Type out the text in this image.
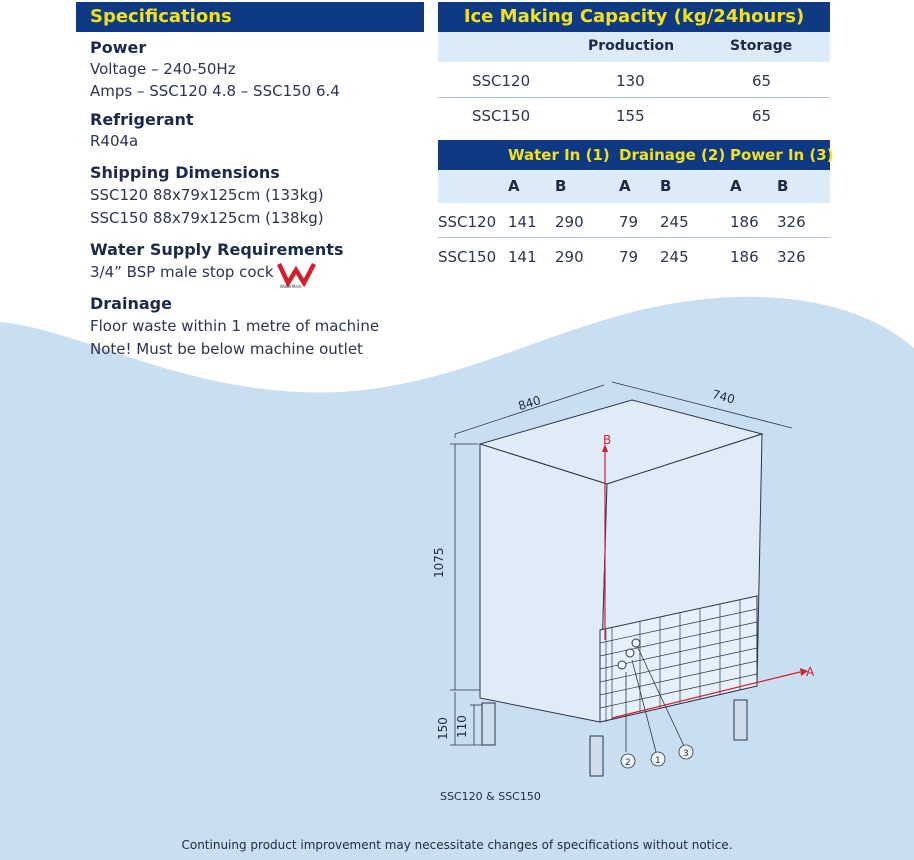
Specifications
Power
Voltage – 240-50Hz
Amps – SSC120 4.8 – SSC150 6.4
Refrigerant
R404a
Shipping Dimensions
SSC120 88x79x125cm (133kg)
SSC150 88x79x125cm (138kg)
Water Supply Requirements
3/4” BSP male stop cock
WaterMark
Drainage
Floor waste within 1 metre of machine
Note! Must be below machine outlet
Ice Making Capacity (kg/24hours)
Production	Storage
SSC120	130	65
SSC150	155	65
Water In (1) Drainage (2) Power In (3)
A B	A B	A B
SSC120 141 290 79 245	186 326
SSC150 141 290 79 245	186 326
840	740
1075
150 110
B
A
2	1
3
SSC120 & SSC150
Continuing product improvement may necessitate changes of specifications without notice.
